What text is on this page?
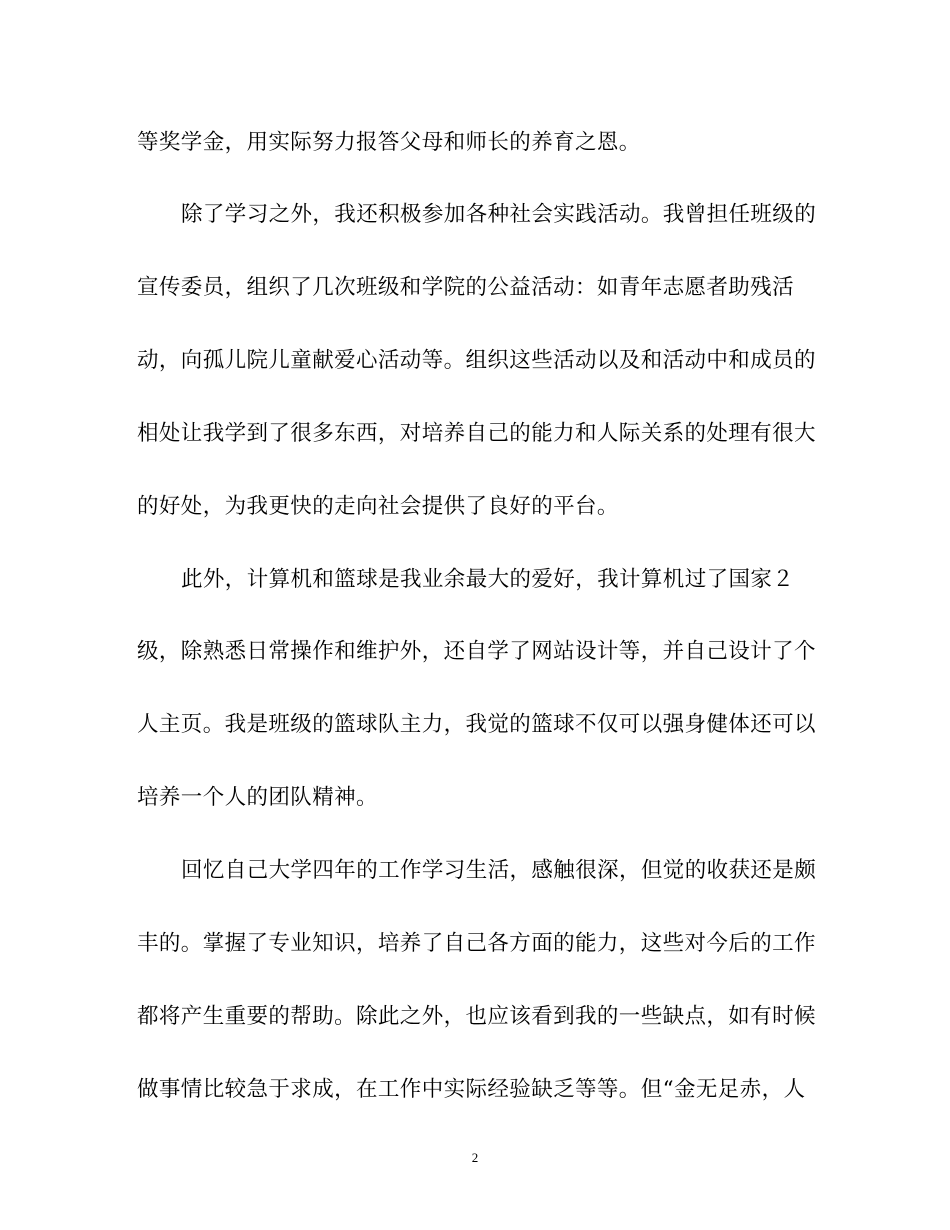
等奖学金，用实际努力报答父母和师长的养育之恩。
除了学习之外，我还积极参加各种社会实践活动。我曾担任班级的
宣传委员，组织了几次班级和学院的公益活动：如青年志愿者助残活
动，向孤儿院儿童献爱心活动等。组织这些活动以及和活动中和成员的
相处让我学到了很多东西，对培养自己的能力和人际关系的处理有很大
的好处，为我更快的走向社会提供了良好的平台。
此外，计算机和篮球是我业余最大的爱好，我计算机过了国家２
级，除熟悉日常操作和维护外，还自学了网站设计等，并自己设计了个
人主页。我是班级的篮球队主力，我觉的篮球不仅可以强身健体还可以
培养一个人的团队精神。
回忆自己大学四年的工作学习生活，感触很深，但觉的收获还是颇
丰的。掌握了专业知识，培养了自己各方面的能力，这些对今后的工作
都将产生重要的帮助。除此之外，也应该看到我的一些缺点，如有时候
做事情比较急于求成，在工作中实际经验缺乏等等。但“金无足赤，人
2
